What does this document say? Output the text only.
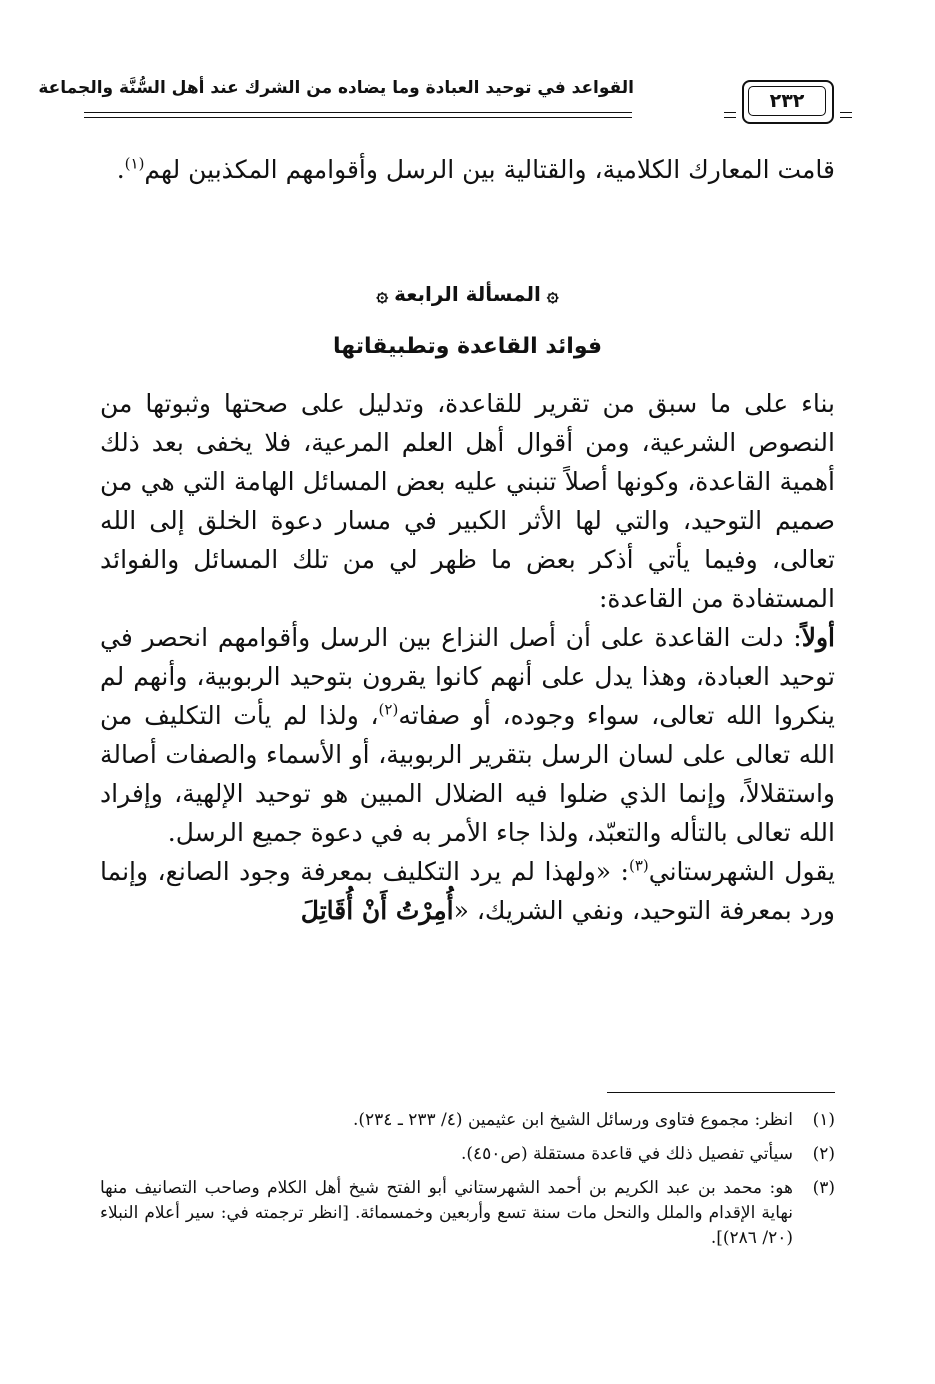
القواعد في توحيد العبادة وما يضاده من الشرك عند أهل السُّنَّة والجماعة
٢٣٢

قامت المعارك الكلامية، والقتالية بين الرسل وأقوامهم المكذبين لهم$^{(١)}$.

۞المسألة الرابعة۞
فوائد القاعدة وتطبيقاتها

بناء على ما سبق من تقرير للقاعدة، وتدليل على صحتها وثبوتها من النصوص الشرعية، ومن أقوال أهل العلم المرعية، فلا يخفى بعد ذلك أهمية القاعدة، وكونها أصلاً تنبني عليه بعض المسائل الهامة التي هي من صميم التوحيد، والتي لها الأثر الكبير في مسار دعوة الخلق إلى الله تعالى، وفيما يأتي أذكر بعض ما ظهر لي من تلك المسائل والفوائد المستفادة من القاعدة:

أولاً: دلت القاعدة على أن أصل النزاع بين الرسل وأقوامهم انحصر في توحيد العبادة، وهذا يدل على أنهم كانوا يقرون بتوحيد الربوبية، وأنهم لم ينكروا الله تعالى، سواء وجوده، أو صفاته$^{(٢)}$، ولذا لم يأت التكليف من الله تعالى على لسان الرسل بتقرير الربوبية، أو الأسماء والصفات أصالة واستقلالاً، وإنما الذي ضلوا فيه الضلال المبين هو توحيد الإلهية، وإفراد الله تعالى بالتأله والتعبّد، ولذا جاء الأمر به في دعوة جميع الرسل.

يقول الشهرستاني$^{(٣)}$: «ولهذا لم يرد التكليف بمعرفة وجود الصانع، وإنما ورد بمعرفة التوحيد، ونفي الشريك، «أُمِرْتُ أَنْ أُقَاتِلَ

(١)
انظر: مجموع فتاوى ورسائل الشيخ ابن عثيمين (٤/ ٢٣٣ ـ ٢٣٤).
(٢)
سيأتي تفصيل ذلك في قاعدة مستقلة (ص٤٥٠).
(٣)
هو: محمد بن عبد الكريم بن أحمد الشهرستاني أبو الفتح شيخ أهل الكلام وصاحب التصانيف منها نهاية الإقدام والملل والنحل مات سنة تسع وأربعين وخمسمائة. [انظر ترجمته في: سير أعلام النبلاء (٢٠/ ٢٨٦)].
